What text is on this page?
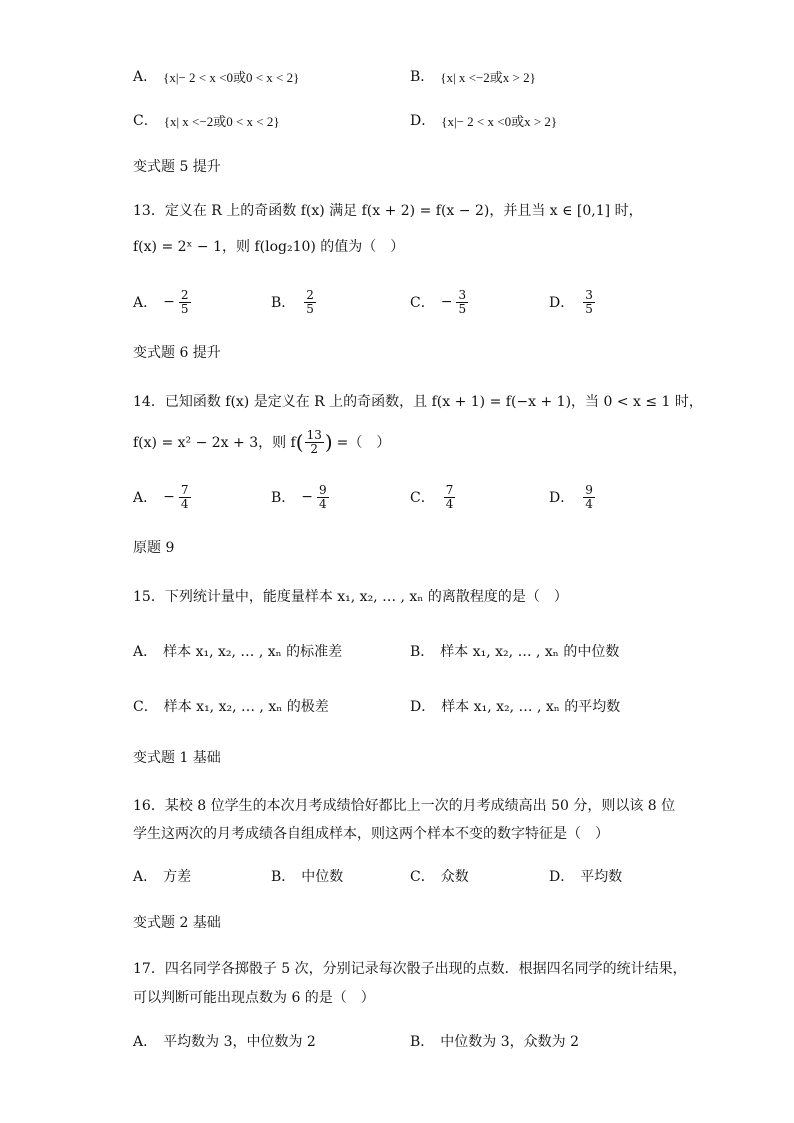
A． {x|− 2 < x <0或0 < x < 2}	B． {x| x <−2或x > 2}
C． {x| x <−2或0 < x < 2}	D． {x|− 2 < x <0或x > 2}
变式题 5 提升
13．定义在 R 上的奇函数 f(x) 满足 f(x + 2) = f(x − 2)，并且当 x ∈ [0,1] 时，
f(x) = 2ˣ − 1，则 f(log₂10) 的值为（　）
A． − $\frac{2}{5}$	B． $\frac{2}{5}$	C． − $\frac{3}{5}$	D． $\frac{3}{5}$
变式题 6 提升
14．已知函数 f(x) 是定义在 R 上的奇函数，且 f(x + 1) = f(−x + 1)，当 0 < x ≤ 1 时，
f(x) = x² − 2x + 3，则 f ( $\frac{13}{2}$ ) =（　）
A． − $\frac{7}{4}$	B． − $\frac{9}{4}$	C． $\frac{7}{4}$	D． $\frac{9}{4}$
原题 9
15．下列统计量中，能度量样本 x₁, x₂, … , xₙ 的离散程度的是（　）
A． 样本 x₁, x₂, … , xₙ 的标准差	B． 样本 x₁, x₂, … , xₙ 的中位数
C． 样本 x₁, x₂, … , xₙ 的极差	D． 样本 x₁, x₂, … , xₙ 的平均数
变式题 1 基础
16．某校 8 位学生的本次月考成绩恰好都比上一次的月考成绩高出 50 分，则以该 8 位
学生这两次的月考成绩各自组成样本，则这两个样本不变的数字特征是（　）
A． 方差	B． 中位数	C． 众数	D． 平均数
变式题 2 基础
17．四名同学各掷骰子 5 次，分别记录每次骰子出现的点数．根据四名同学的统计结果，
可以判断可能出现点数为 6 的是（　）
A． 平均数为 3，中位数为 2	B． 中位数为 3，众数为 2
